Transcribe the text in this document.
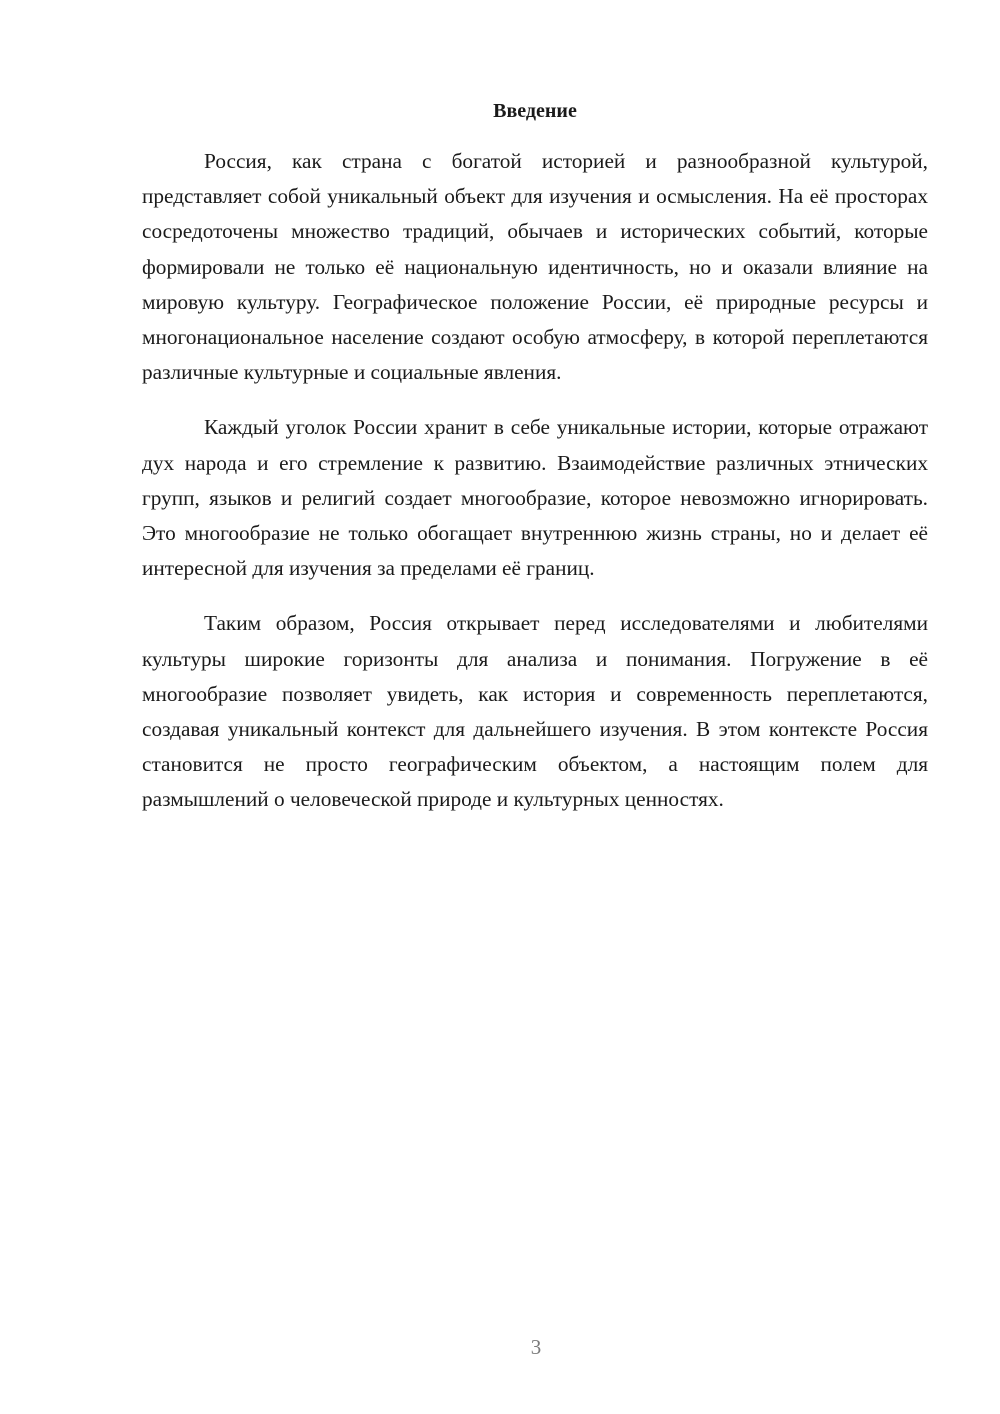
Введение

Россия, как страна с богатой историей и разнообразной культурой, представляет собой уникальный объект для изучения и осмысления. На её просторах сосредоточены множество традиций, обычаев и исторических событий, которые формировали не только её национальную идентичность, но и оказали влияние на мировую культуру. Географическое положение России, её природные ресурсы и многонациональное население создают особую атмосферу, в которой переплетаются различные культурные и социальные явления.

Каждый уголок России хранит в себе уникальные истории, которые отражают дух народа и его стремление к развитию. Взаимодействие различных этнических групп, языков и религий создает многообразие, которое невозможно игнорировать. Это многообразие не только обогащает внутреннюю жизнь страны, но и делает её интересной для изучения за пределами её границ.

Таким образом, Россия открывает перед исследователями и любителями культуры широкие горизонты для анализа и понимания. Погружение в её многообразие позволяет увидеть, как история и современность переплетаются, создавая уникальный контекст для дальнейшего изучения. В этом контексте Россия становится не просто географическим объектом, а настоящим полем для размышлений о человеческой природе и культурных ценностях.

3
